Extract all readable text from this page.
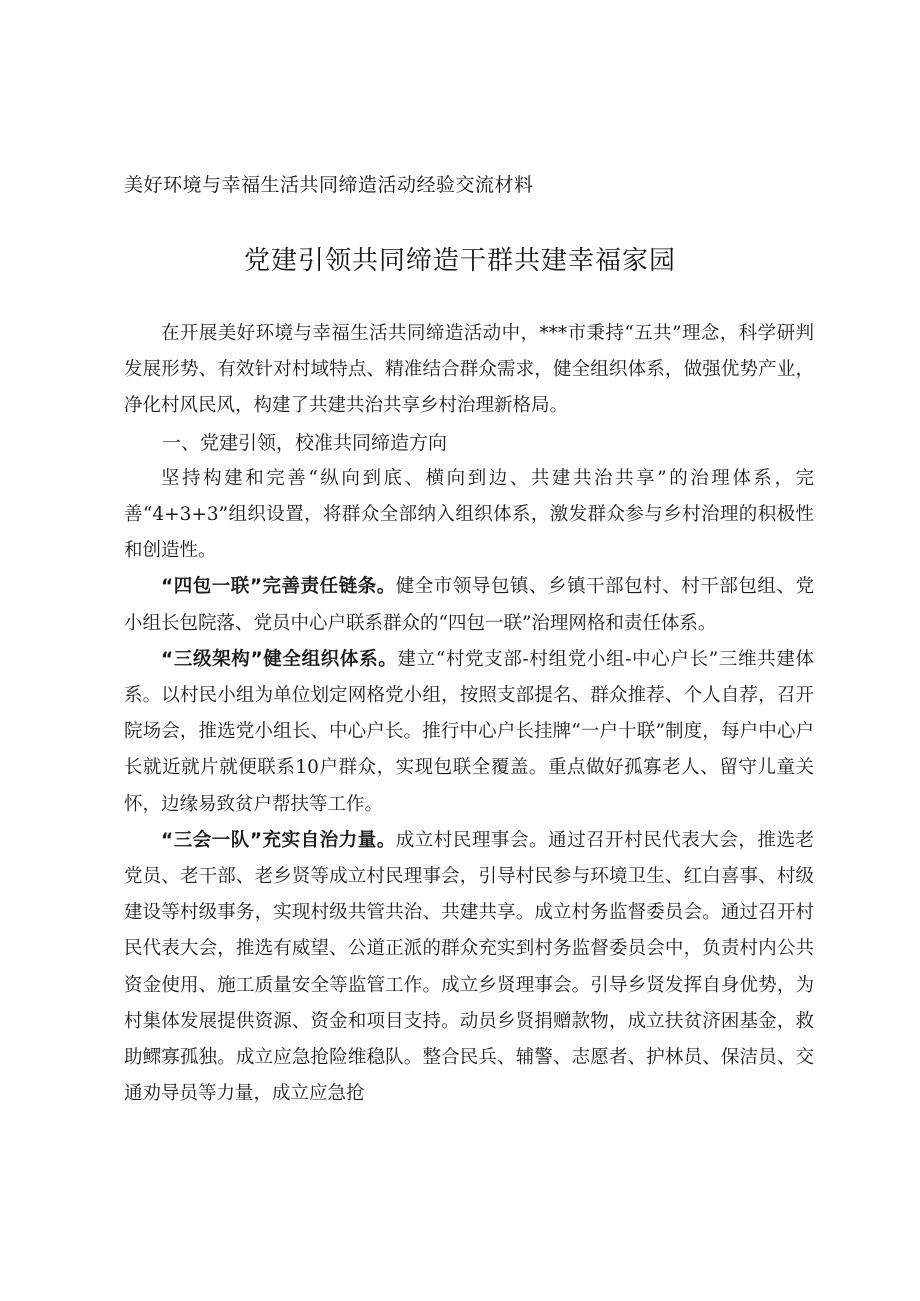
美好环境与幸福生活共同缔造活动经验交流材料
党建引领共同缔造干群共建幸福家园

在开展美好环境与幸福生活共同缔造活动中，***市秉持“五共”理念，科学研判发展形势、有效针对村域特点、精准结合群众需求，健全组织体系，做强优势产业，净化村风民风，构建了共建共治共享乡村治理新格局。

一、党建引领，校准共同缔造方向

坚持构建和完善“纵向到底、横向到边、共建共治共享”的治理体系，完善“4+3+3”组织设置，将群众全部纳入组织体系，激发群众参与乡村治理的积极性和创造性。

“四包一联”完善责任链条。健全市领导包镇、乡镇干部包村、村干部包组、党小组长包院落、党员中心户联系群众的“四包一联”治理网格和责任体系。

“三级架构”健全组织体系。建立“村党支部-村组党小组-中心户长”三维共建体系。以村民小组为单位划定网格党小组，按照支部提名、群众推荐、个人自荐，召开院场会，推选党小组长、中心户长。推行中心户长挂牌“一户十联”制度，每户中心户长就近就片就便联系10户群众，实现包联全覆盖。重点做好孤寡老人、留守儿童关怀，边缘易致贫户帮扶等工作。

“三会一队”充实自治力量。成立村民理事会。通过召开村民代表大会，推选老党员、老干部、老乡贤等成立村民理事会，引导村民参与环境卫生、红白喜事、村级建设等村级事务，实现村级共管共治、共建共享。成立村务监督委员会。通过召开村民代表大会，推选有威望、公道正派的群众充实到村务监督委员会中，负责村内公共资金使用、施工质量安全等监管工作。成立乡贤理事会。引导乡贤发挥自身优势，为村集体发展提供资源、资金和项目支持。动员乡贤捐赠款物，成立扶贫济困基金，救助鳏寡孤独。成立应急抢险维稳队。整合民兵、辅警、志愿者、护林员、保洁员、交通劝导员等力量，成立应急抢
